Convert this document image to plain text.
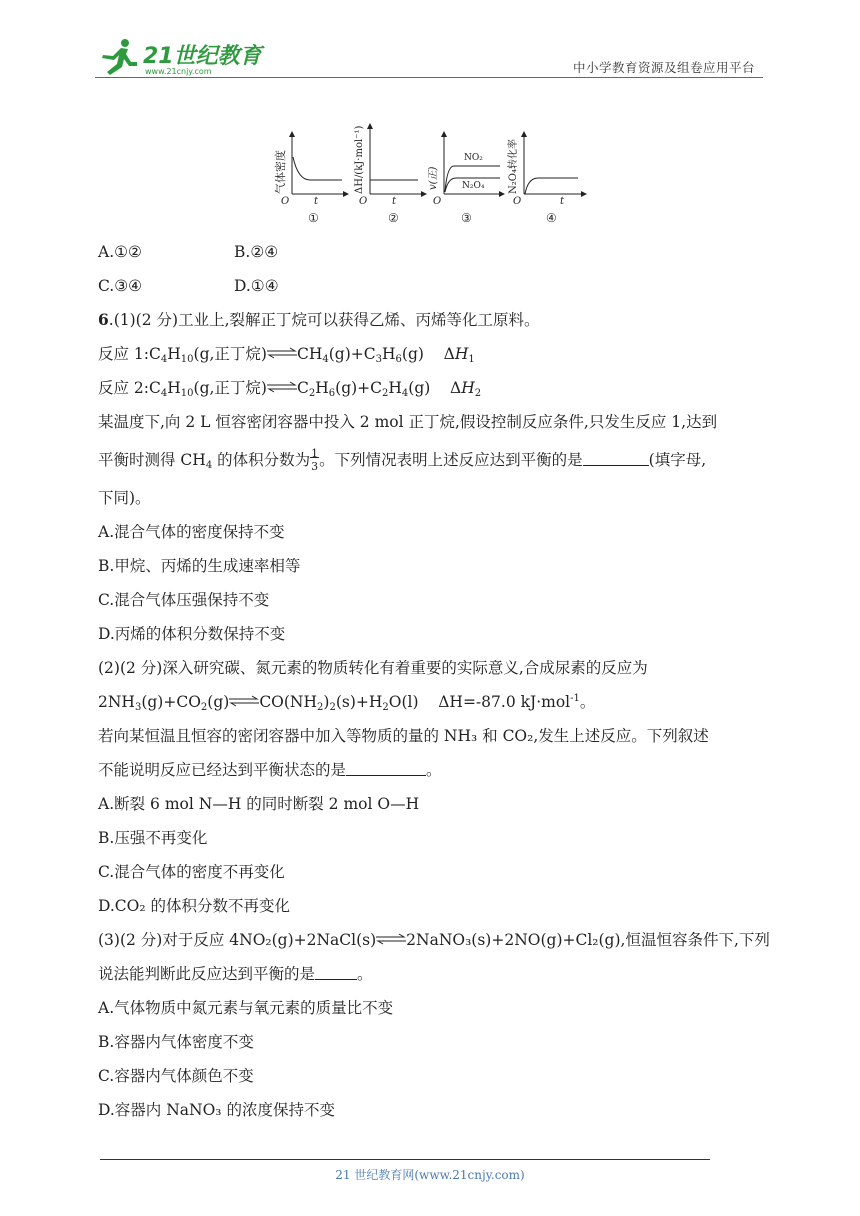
21世纪教育
www.21cnjy.com	中小学教育资源及组卷应用平台
O t
气体密度
①
O t
ΔH/(kJ·mol⁻¹)
②
NO₂
N₂O₄
O
v(正)
③
O	t
N₂O₄转化率
④
A.①②	B.②④
C.③④	D.①④
6.(1)(2 分)工业上,裂解正丁烷可以获得乙烯、丙烯等化工原料。
反应 $1:C_4H_{10}(g$,正丁烷)$\rightleftharpoons CH_4(g)+C_3H_6(g)$    $\Delta H_1$
反应 $2:C_4H_{10}(g$,正丁烷)$\rightleftharpoons C_2H_6(g)+C_2H_4(g)$    $\Delta H_2$
某温度下,向 2 L 恒容密闭容器中投入 2 mol 正丁烷,假设控制反应条件,只发生反应 1,达到
平衡时测得 $CH_4$ 的体积分数为 1
3 。下列情况表明上述反应达到平衡的是	(填字母,
下同)。
A.混合气体的密度保持不变
B.甲烷、丙烯的生成速率相等
C.混合气体压强保持不变
D.丙烯的体积分数保持不变
(2)(2 分)深入研究碳、氮元素的物质转化有着重要的实际意义,合成尿素的反应为
$2NH_3(g)+CO_2(g)\rightleftharpoons CO(NH_2)_2(s)+H_2O(l)$    ΔH=-87.0 kJ·mol$^{-1}$。
若向某恒温且恒容的密闭容器中加入等物质的量的 NH₃ 和 CO₂,发生上述反应。下列叙述
不能说明反应已经达到平衡状态的是	。
A.断裂 6 mol N—H 的同时断裂 2 mol O—H
B.压强不再变化
C.混合气体的密度不再变化
D.CO₂ 的体积分数不再变化
(3)(2 分)对于反应 4NO₂(g)+2NaCl(s)⇌2NaNO₃(s)+2NO(g)+Cl₂(g),恒温恒容条件下,下列
说法能判断此反应达到平衡的是	。
A.气体物质中氮元素与氧元素的质量比不变
B.容器内气体密度不变
C.容器内气体颜色不变
D.容器内 NaNO₃ 的浓度保持不变
21 世纪教育网(www.21cnjy.com)
